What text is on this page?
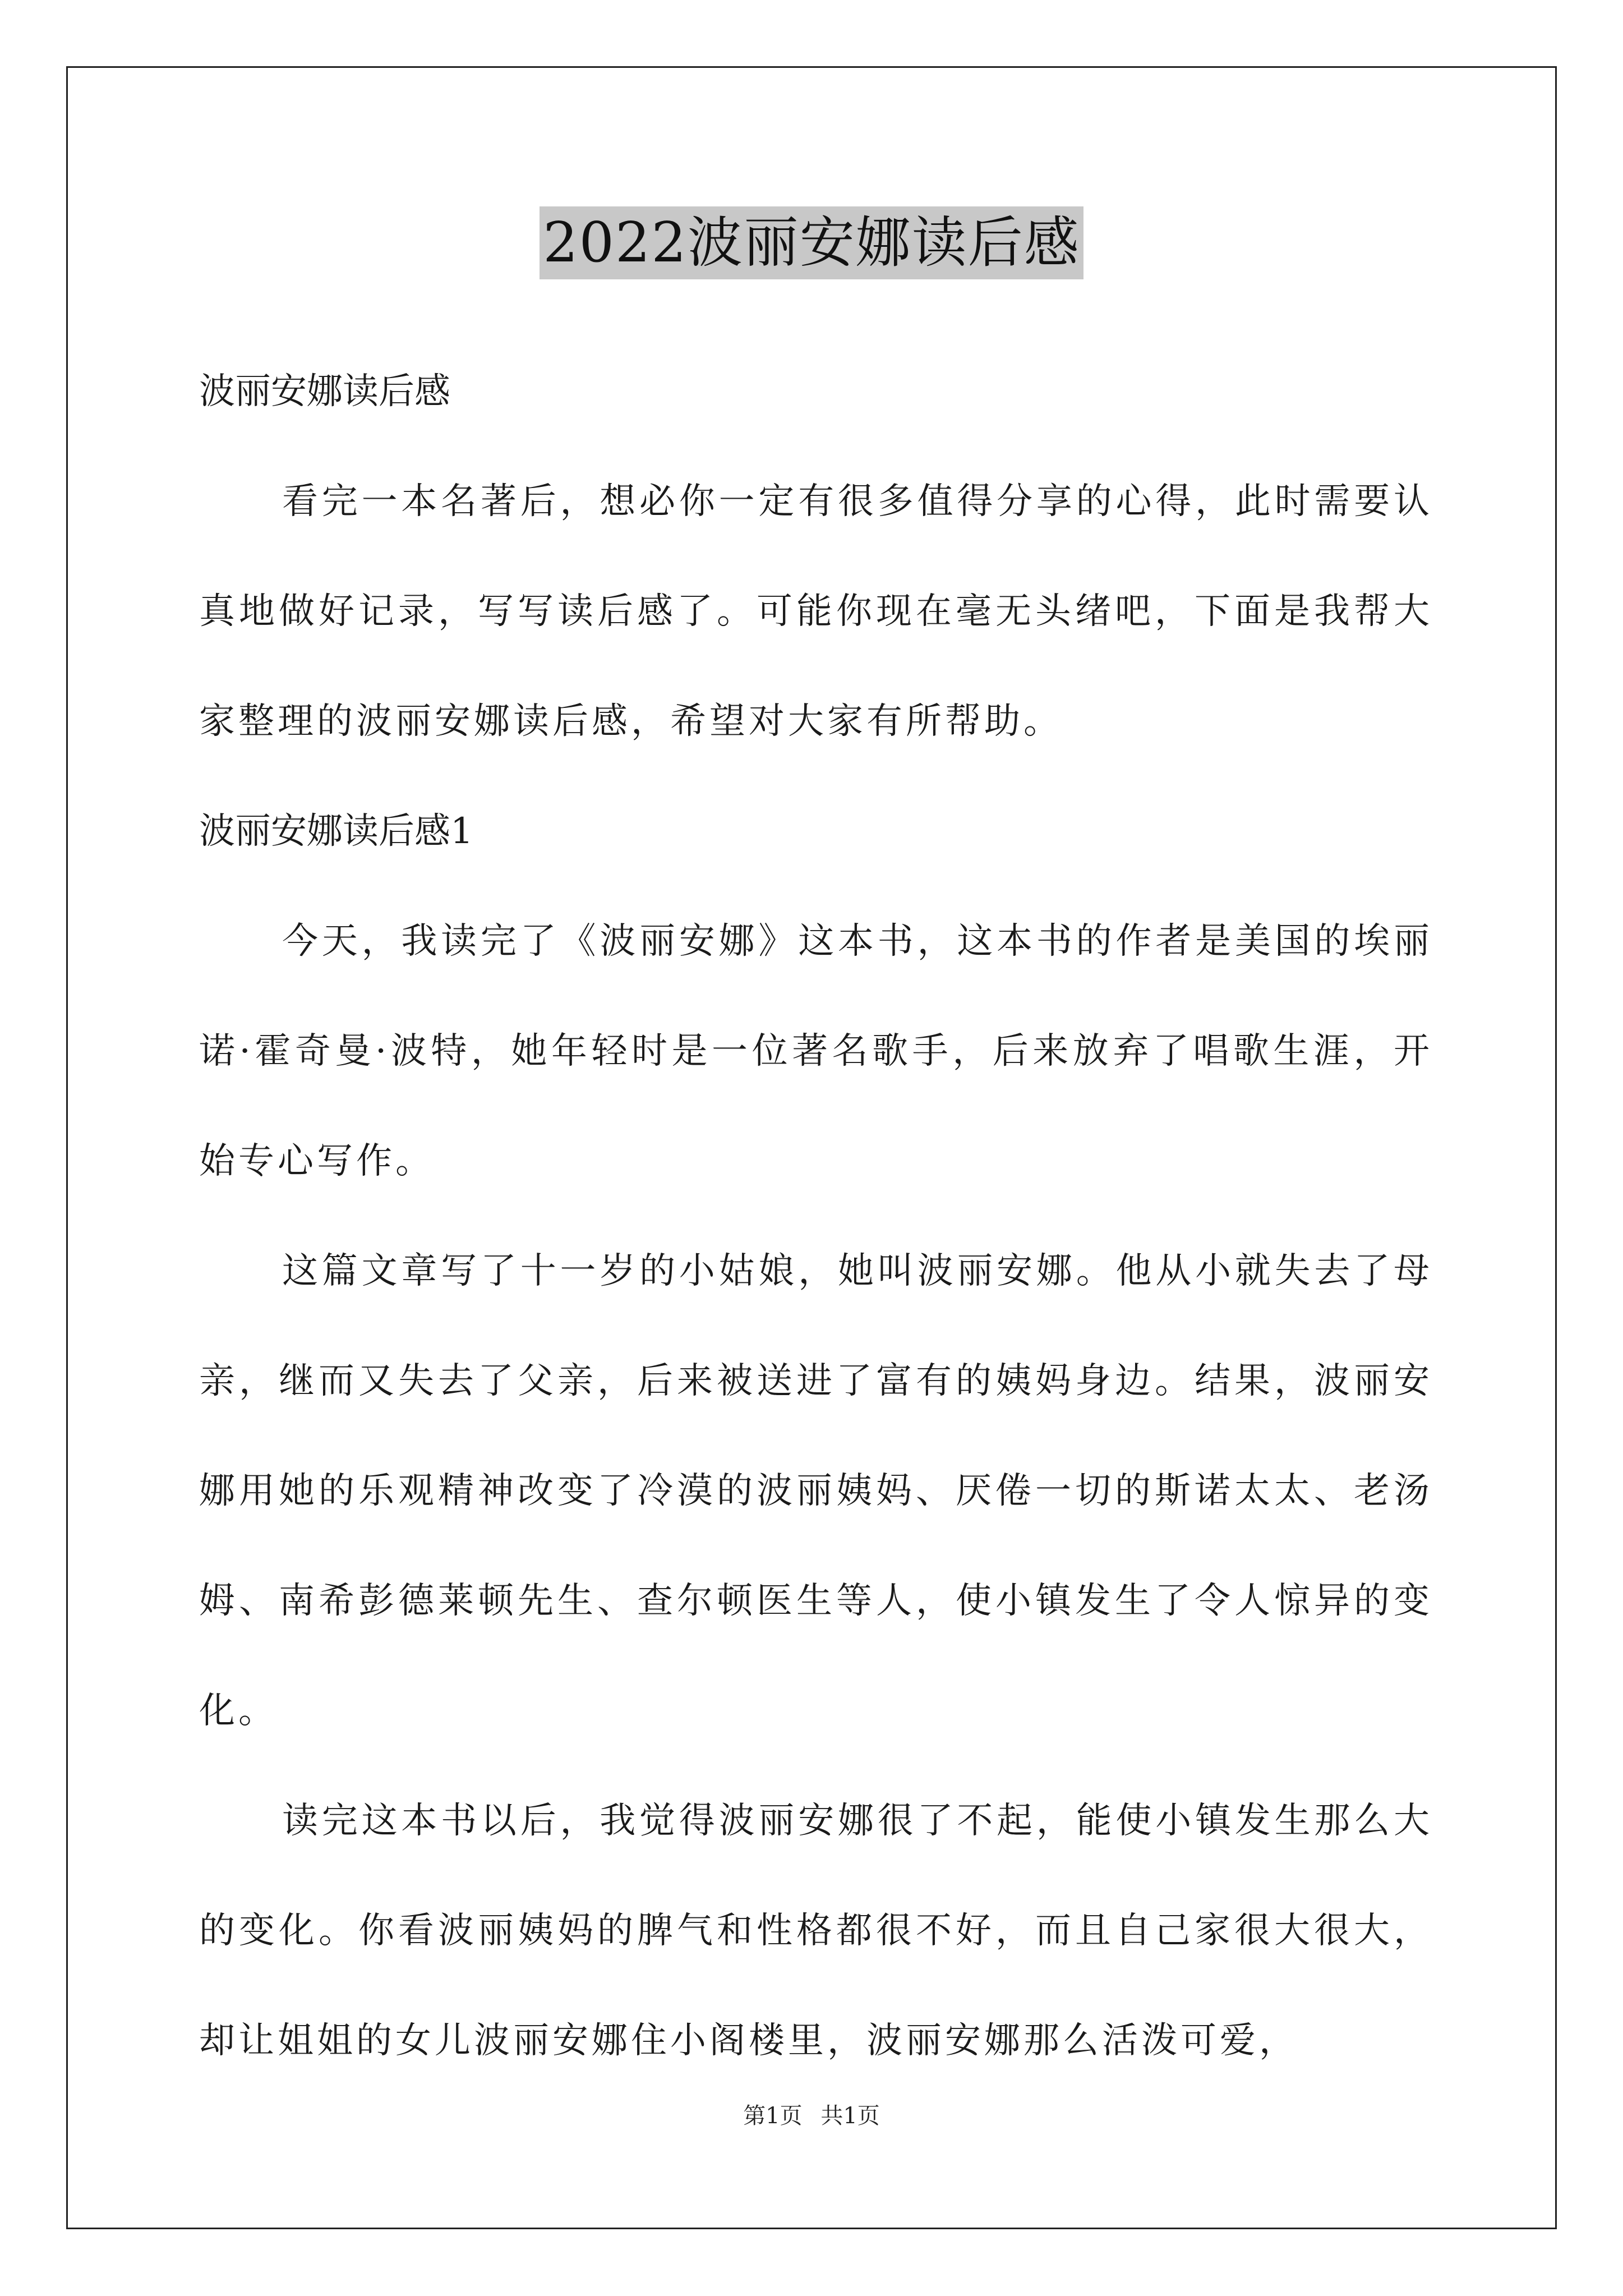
2022波丽安娜读后感

波丽安娜读后感

看完一本名著后，想必你一定有很多值得分享的心得，此时需要认真地做好记录，写写读后感了。可能你现在毫无头绪吧，下面是我帮大家整理的波丽安娜读后感，希望对大家有所帮助。

波丽安娜读后感1

今天，我读完了《波丽安娜》这本书，这本书的作者是美国的埃丽诺·霍奇曼·波特，她年轻时是一位著名歌手，后来放弃了唱歌生涯，开始专心写作。

这篇文章写了十一岁的小姑娘，她叫波丽安娜。他从小就失去了母亲，继而又失去了父亲，后来被送进了富有的姨妈身边。结果，波丽安娜用她的乐观精神改变了冷漠的波丽姨妈、厌倦一切的斯诺太太、老汤姆、南希彭德莱顿先生、查尔顿医生等人，使小镇发生了令人惊异的变化。

读完这本书以后，我觉得波丽安娜很了不起，能使小镇发生那么大的变化。你看波丽姨妈的脾气和性格都很不好，而且自己家很大很大，却让姐姐的女儿波丽安娜住小阁楼里，波丽安娜那么活泼可爱，

第1页 共1页
